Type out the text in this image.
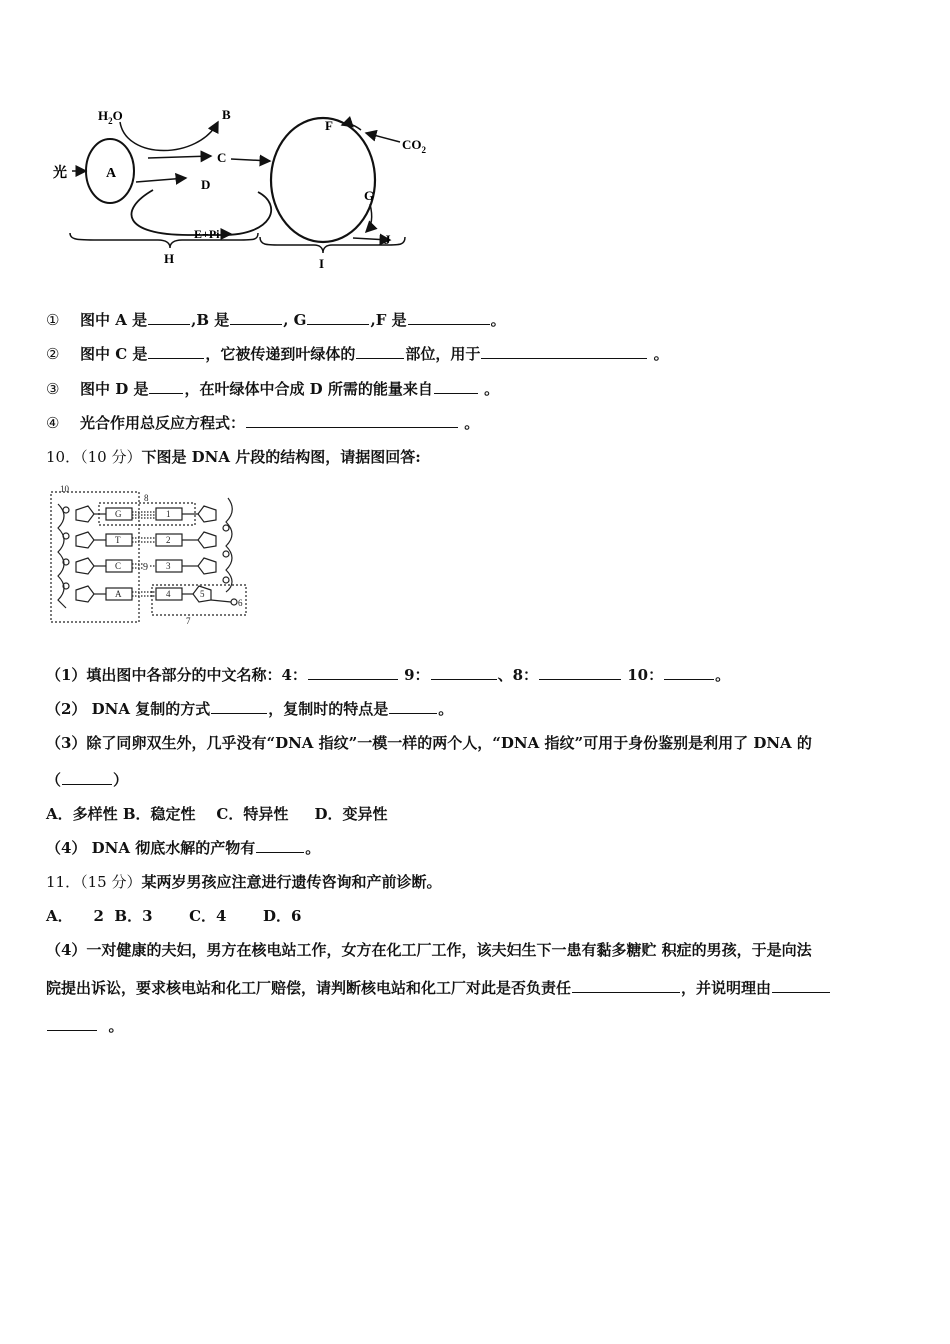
A
光
$H_2O$	B
C
D
E+Pi
F
$CO_2$
G
J
H	I
① 图中 A 是	,B 是	, G	,F 是	。
② 图中 C 是	，它被传递到叶绿体的	部位，用于	。
③ 图中 D 是 ，在叶绿体中合成 D 所需的能量来自	。
④ 光合作用总反应方程式：	。
10．（10 分）下图是 DNA 片段的结构图，请据图回答:
10
8
9
7
6
5
G
T
C
A
1
2
3
4
（1）填出图中各部分的中文名称：4：	9：	、8：	10：	。
（2） DNA 复制的方式	，复制时的特点是	。
（3）除了同卵双生外，几乎没有“DNA 指纹”一模一样的两个人，“DNA 指纹”可用于身份鉴别是利用了 DNA 的
（	）
A．多样性 B．稳定性    C．特异性     D．变异性
（4） DNA 彻底水解的产物有	。
11．（15 分）某两岁男孩应注意进行遗传咨询和产前诊断。
A．    2  B．3       C．4       D．6
（4）一对健康的夫妇，男方在核电站工作，女方在化工厂工作，该夫妇生下一患有黏多糖贮 积症的男孩，于是向法
院提出诉讼，要求核电站和化工厂赔偿，请判断核电站和化工厂对此是否负责任	，并说明理由
。
